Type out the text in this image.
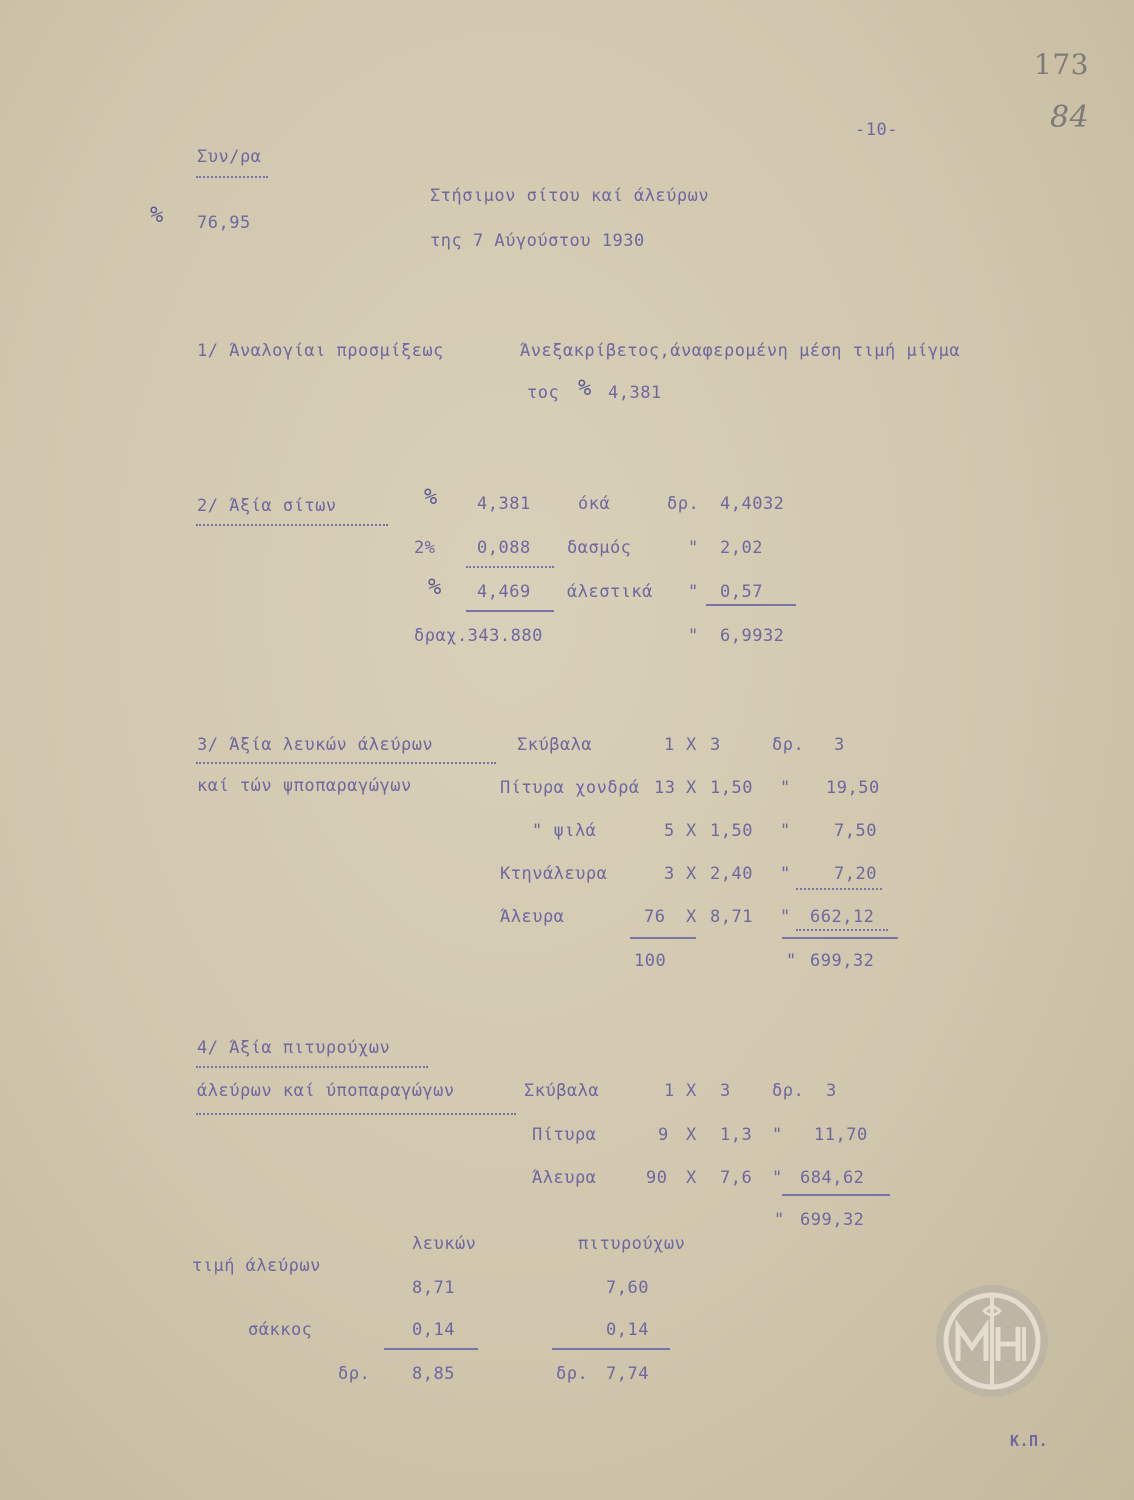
173
84
-10-
Συν/ρα
% 76,95
Στήσιμον σίτου καί άλεύρων
της 7 Αύγούστου 1930
1/ Άναλογίαι προσμίξεως	Άνεξακρίβετος,άναφερομένη μέση τιμή μίγμα
τος % 4,381
2/ Άξία σίτων	% 4,381	όκά	δρ. 4,4032
2% 0,088 δασμός	" 2,02
% 4,469 άλεστικά " 0,57
δραχ.343.880	" 6,9932
3/ Άξία λευκών άλεύρων
καί τών ψποπαραγώγων
Σκύβαλα	1 X 3	δρ. 3
Πίτυρα χονδρά 13 X 1,50 " 19,50
" ψιλά	5 X 1,50 "	7,50
Κτηνάλευρα	3 X 2,40 "	7,20
Άλευρα	76 X 8,71 " 662,12
100	" 699,32
4/ Άξία πιτυρούχων
άλεύρων καί ύποπαραγώγων	Σκύβαλα	1 X 3 δρ. 3
Πίτυρα	9 X 1,3 " 11,70
Άλευρα	90 X 7,6 " 684,62
" 699,32
λευκών	πιτυρούχων
τιμή άλεύρων
8,71	7,60
σάκκος	0,14	0,14
δρ. 8,85	δρ. 7,74
Κ.Π.
